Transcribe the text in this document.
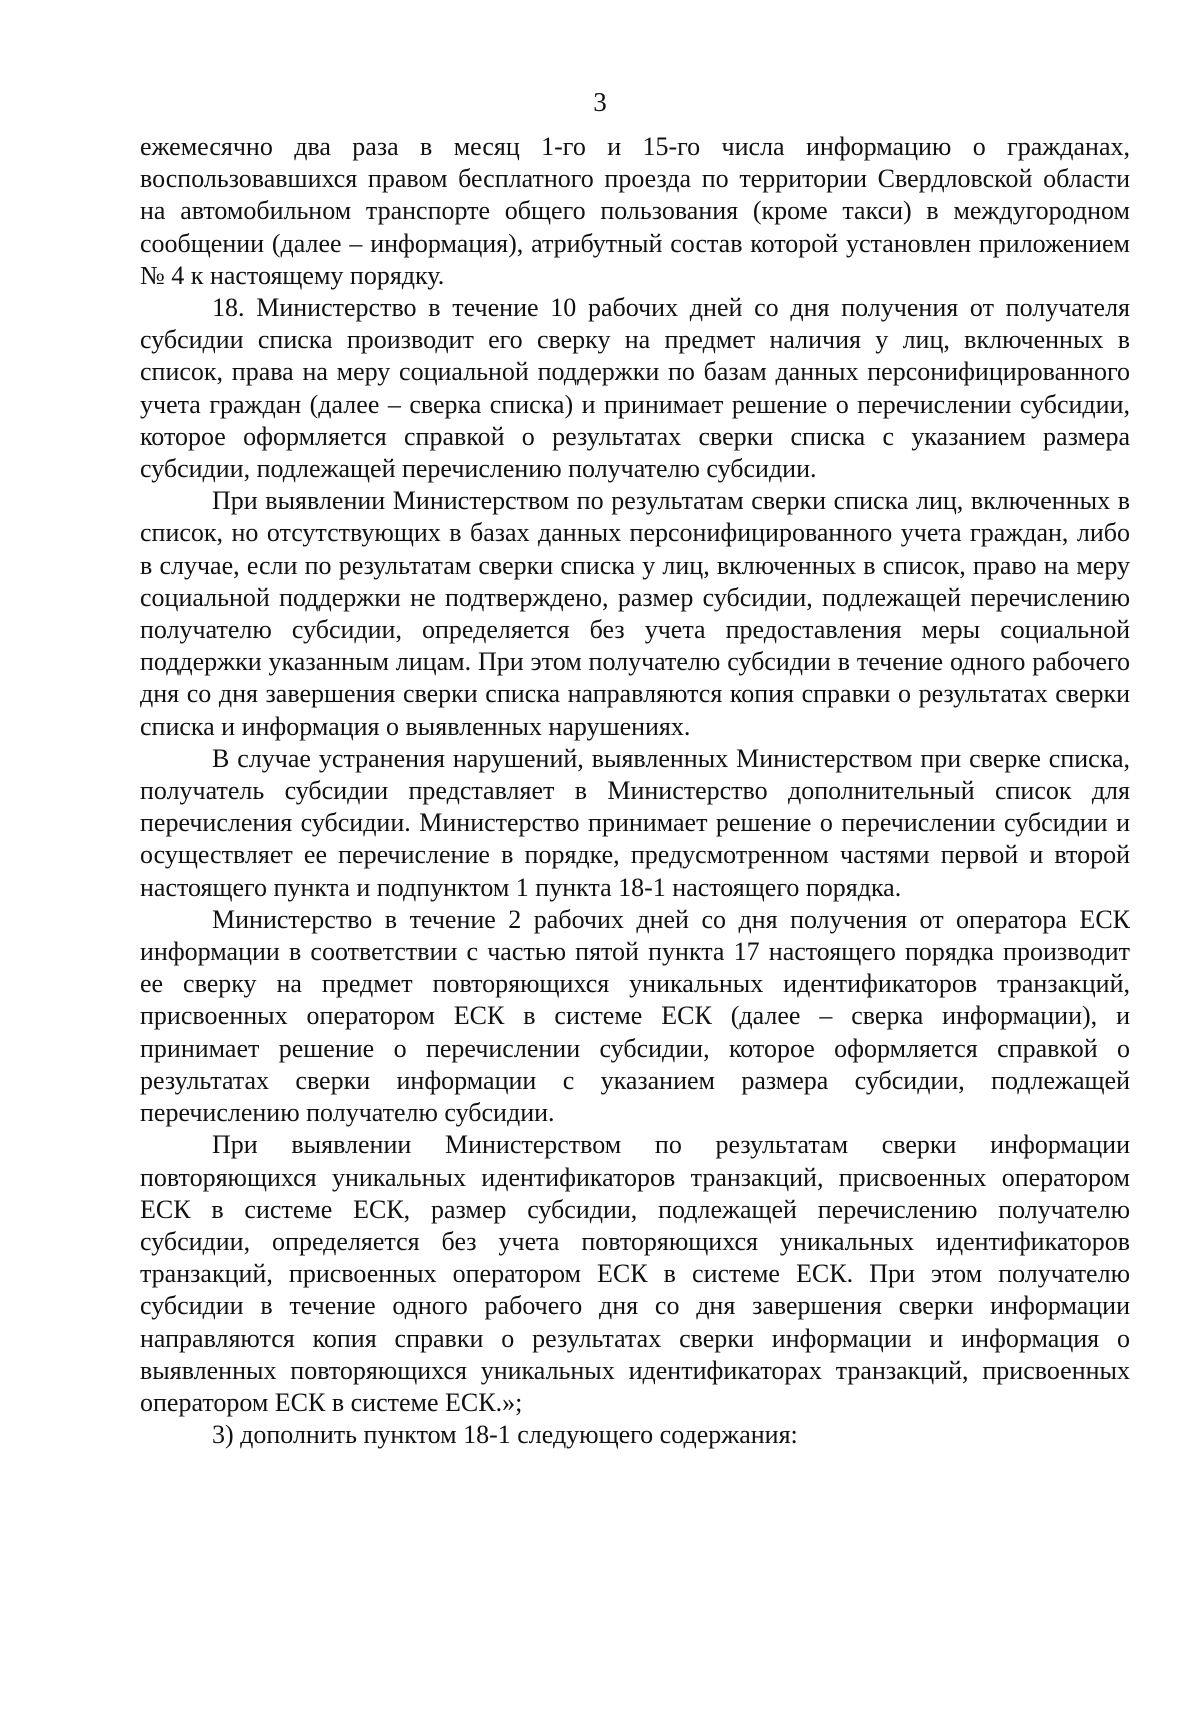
3

ежемесячно два раза в месяц 1-го и 15-го числа информацию о гражданах, воспользовавшихся правом бесплатного проезда по территории Свердловской области на автомобильном транспорте общего пользования (кроме такси) в междугородном сообщении (далее – информация), атрибутный состав которой установлен приложением № 4 к настоящему порядку.

18. Министерство в течение 10 рабочих дней со дня получения от получателя субсидии списка производит его сверку на предмет наличия у лиц, включенных в список, права на меру социальной поддержки по базам данных персонифицированного учета граждан (далее – сверка списка) и принимает решение о перечислении субсидии, которое оформляется справкой о результатах сверки списка с указанием размера субсидии, подлежащей перечислению получателю субсидии.

При выявлении Министерством по результатам сверки списка лиц, включенных в список, но отсутствующих в базах данных персонифицированного учета граждан, либо в случае, если по результатам сверки списка у лиц, включенных в список, право на меру социальной поддержки не подтверждено, размер субсидии, подлежащей перечислению получателю субсидии, определяется без учета предоставления меры социальной поддержки указанным лицам. При этом получателю субсидии в течение одного рабочего дня со дня завершения сверки списка направляются копия справки о результатах сверки списка и информация о выявленных нарушениях.

В случае устранения нарушений, выявленных Министерством при сверке списка, получатель субсидии представляет в Министерство дополнительный список для перечисления субсидии. Министерство принимает решение о перечислении субсидии и осуществляет ее перечисление в порядке, предусмотренном частями первой и второй настоящего пункта и подпунктом 1 пункта 18-1 настоящего порядка.

Министерство в течение 2 рабочих дней со дня получения от оператора ЕСК информации в соответствии с частью пятой пункта 17 настоящего порядка производит ее сверку на предмет повторяющихся уникальных идентификаторов транзакций, присвоенных оператором ЕСК в системе ЕСК (далее – сверка информации), и принимает решение о перечислении субсидии, которое оформляется справкой о результатах сверки информации с указанием размера субсидии, подлежащей перечислению получателю субсидии.

При выявлении Министерством по результатам сверки информации повторяющихся уникальных идентификаторов транзакций, присвоенных оператором ЕСК в системе ЕСК, размер субсидии, подлежащей перечислению получателю субсидии, определяется без учета повторяющихся уникальных идентификаторов транзакций, присвоенных оператором ЕСК в системе ЕСК. При этом получателю субсидии в течение одного рабочего дня со дня завершения сверки информации направляются копия справки о результатах сверки информации и информация о выявленных повторяющихся уникальных идентификаторах транзакций, присвоенных оператором ЕСК в системе ЕСК.»;

3) дополнить пунктом 18-1 следующего содержания:
